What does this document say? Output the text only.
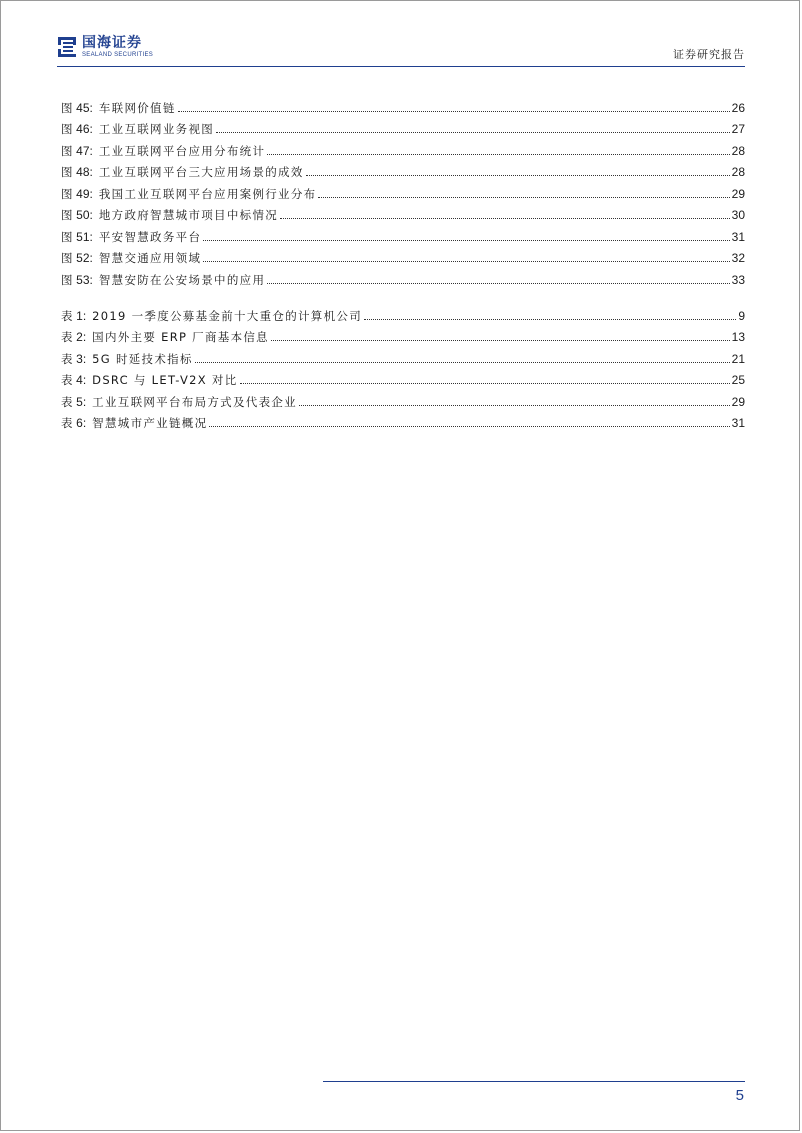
国海证券
SEALAND SECURITIES	证券研究报告
图 45: 车联网价值链	26
图 46: 工业互联网业务视图	27
图 47: 工业互联网平台应用分布统计	28
图 48: 工业互联网平台三大应用场景的成效	28
图 49: 我国工业互联网平台应用案例行业分布	29
图 50: 地方政府智慧城市项目中标情况	30
图 51: 平安智慧政务平台	31
图 52: 智慧交通应用领域	32
图 53: 智慧安防在公安场景中的应用	33
表 1: 2019 一季度公募基金前十大重仓的计算机公司	9
表 2: 国内外主要 ERP 厂商基本信息	13
表 3: 5G 时延技术指标	21
表 4: DSRC 与 LET-V2X 对比	25
表 5: 工业互联网平台布局方式及代表企业	29
表 6: 智慧城市产业链概况	31
5
